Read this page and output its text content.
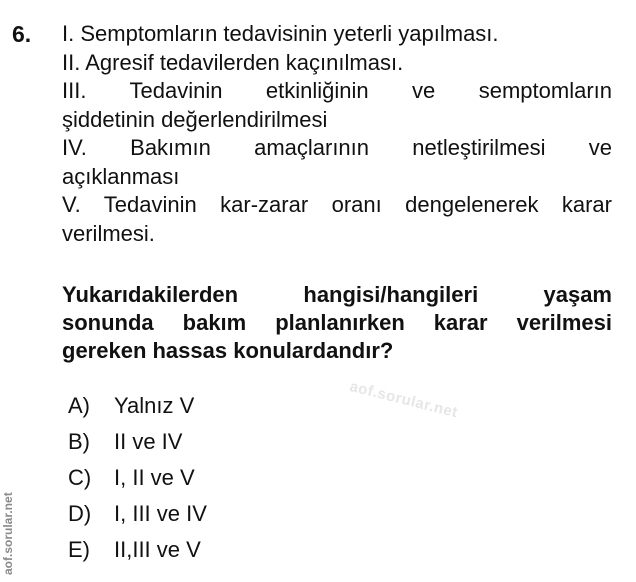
6. I. Semptomların tedavisinin yeterli yapılması.

II. Agresif tedavilerden kaçınılması.

III. Tedavinin etkinliğinin ve semptomların

şiddetinin değerlendirilmesi

IV. Bakımın amaçlarının netleştirilmesi ve

açıklanması

V. Tedavinin kar-zarar oranı dengelenerek karar

verilmesi.

Yukarıdakilerden hangisi/hangileri yaşam
sonunda bakım planlanırken karar verilmesi
gereken hassas konulardandır?
A)	Yalnız V
B)	II ve IV
C)	I, II ve V
D)	I, III ve IV
E)	II,III ve V
aof.sorular.net
aof.sorular.net
